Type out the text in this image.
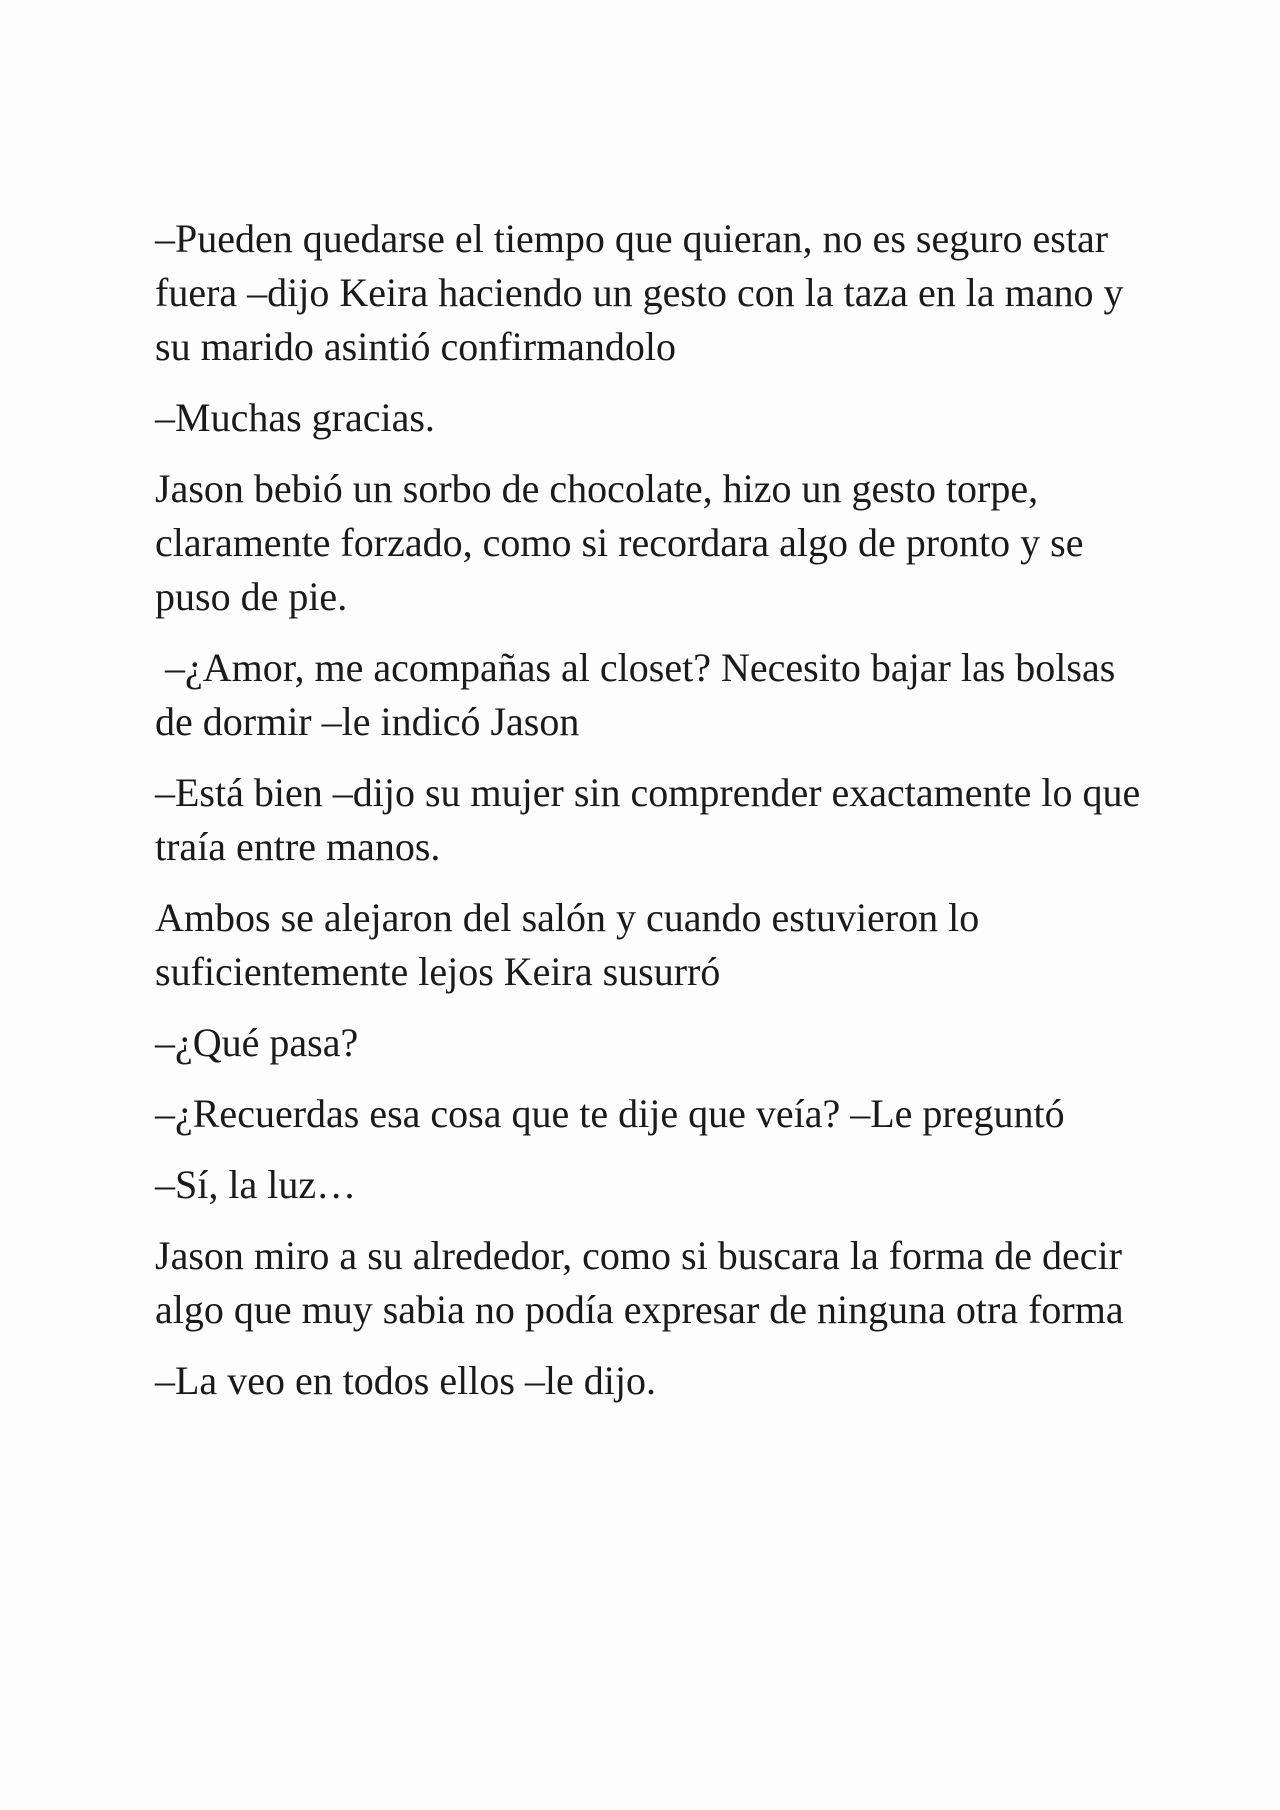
–Pueden quedarse el tiempo que quieran, no es seguro estar fuera –dijo Keira haciendo un gesto con la taza en la mano y su marido asintió confirmandolo

–Muchas gracias.

Jason bebió un sorbo de chocolate, hizo un gesto torpe, claramente forzado, como si recordara algo de pronto y se puso de pie.

–¿Amor, me acompañas al closet? Necesito bajar las bolsas de dormir –le indicó Jason

–Está bien –dijo su mujer sin comprender exactamente lo que traía entre manos.

Ambos se alejaron del salón y cuando estuvieron lo suficientemente lejos Keira susurró

–¿Qué pasa?

–¿Recuerdas esa cosa que te dije que veía? –Le preguntó

–Sí, la luz…

Jason miro a su alrededor, como si buscara la forma de decir algo que muy sabia no podía expresar de ninguna otra forma

–La veo en todos ellos –le dijo.
